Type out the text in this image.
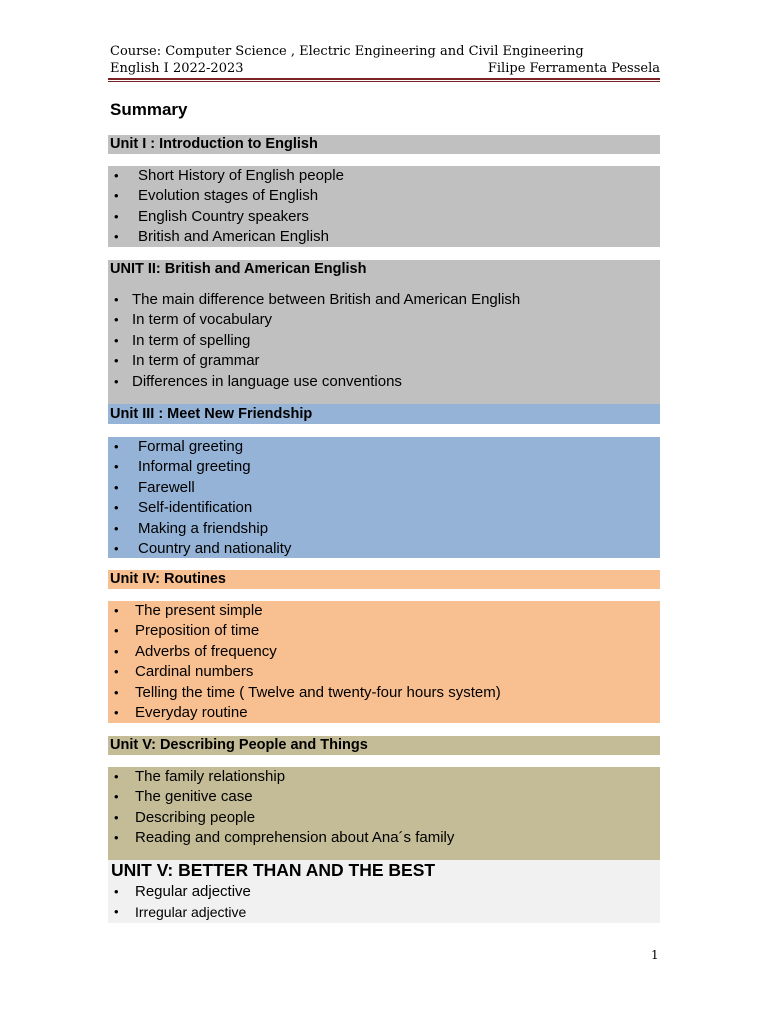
Course: Computer Science , Electric Engineering and Civil Engineering
English I 2022-2023	Filipe Ferramenta Pessela
Summary
Unit I : Introduction to English
• Short History of English people
• Evolution stages of English
• English Country speakers
• British and American English
UNIT II: British and American English
• The main difference between British and American English
• In term of vocabulary
• In term of spelling
• In term of grammar
• Differences in language use conventions
Unit III : Meet New Friendship
• Formal greeting
• Informal greeting
• Farewell
• Self-identification
• Making a friendship
• Country and nationality
Unit IV: Routines
• The present simple
• Preposition of time
• Adverbs of frequency
• Cardinal numbers
• Telling the time ( Twelve and twenty-four hours system)
• Everyday routine
Unit V: Describing People and Things
• The family relationship
• The genitive case
• Describing people
• Reading and comprehension about Ana´s family
UNIT V: BETTER THAN AND THE BEST
• Regular adjective
• Irregular adjective
1
